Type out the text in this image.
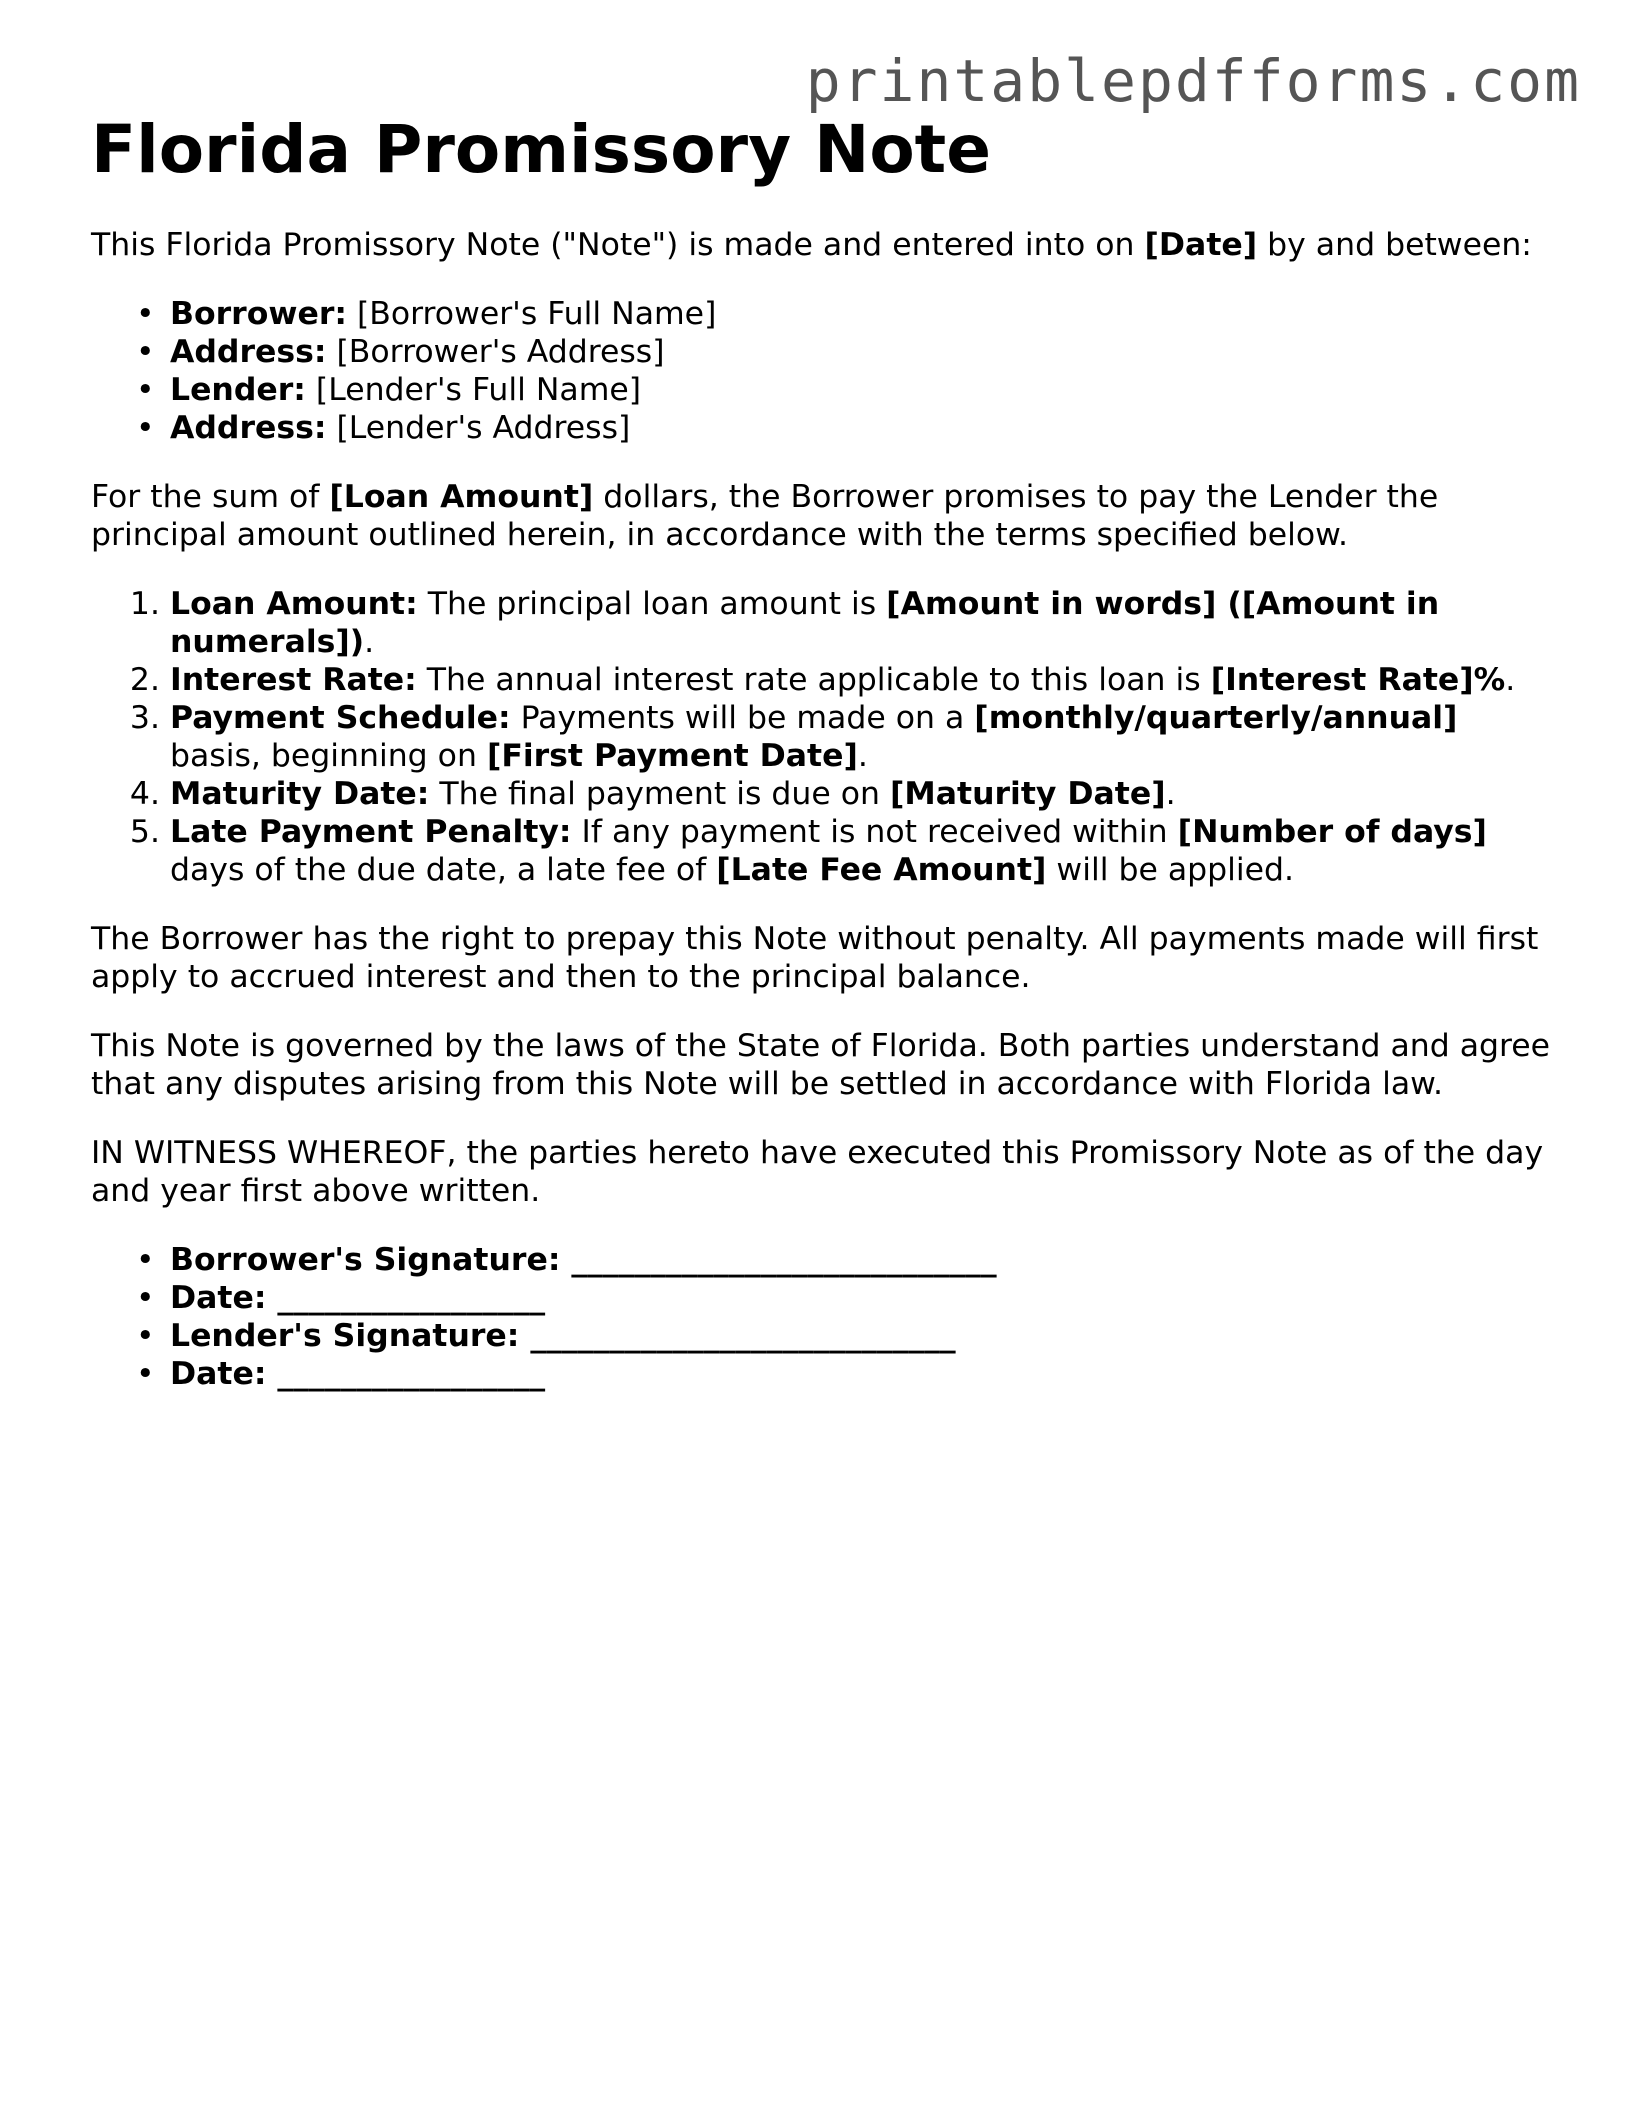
printablepdfforms.com
Florida Promissory Note

This Florida Promissory Note ("Note") is made and entered into on [Date] by and between:

• Borrower: [Borrower's Full Name]
• Address: [Borrower's Address]
• Lender: [Lender's Full Name]
• Address: [Lender's Address]

For the sum of [Loan Amount] dollars, the Borrower promises to pay the Lender the principal amount outlined herein, in accordance with the terms specified below.

1. Loan Amount: The principal loan amount is [Amount in words] ([Amount in numerals]).
2. Interest Rate: The annual interest rate applicable to this loan is [Interest Rate]%.
3. Payment Schedule: Payments will be made on a [monthly/quarterly/annual] basis, beginning on [First Payment Date].
4. Maturity Date: The final payment is due on [Maturity Date].
5. Late Payment Penalty: If any payment is not received within [Number of days] days of the due date, a late fee of [Late Fee Amount] will be applied.

The Borrower has the right to prepay this Note without penalty. All payments made will first apply to accrued interest and then to the principal balance.

This Note is governed by the laws of the State of Florida. Both parties understand and agree that any disputes arising from this Note will be settled in accordance with Florida law.

IN WITNESS WHEREOF, the parties hereto have executed this Promissory Note as of the day and year first above written.

• Borrower's Signature: ___________________________
• Date: _________________
• Lender's Signature: ___________________________
• Date: _________________
